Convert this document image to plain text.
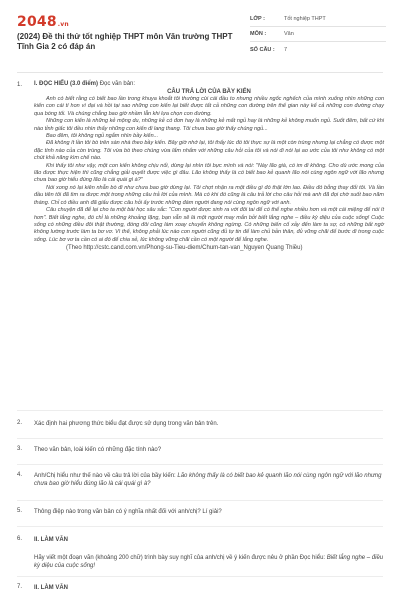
2048.vn
(2024) Đề thi thử tốt nghiệp THPT môn Văn trường THPT Tĩnh Gia 2 có đáp án
LỚP :	Tốt nghiệp THPT
MÔN :	Văn
SỐ CÂU :	7
1. I. ĐỌC HIỂU (3.0 điểm) Đọc văn bản:
CÂU TRẢ LỜI CỦA BẦY KIẾN
Anh có biết rằng có biết bao lần trong khuya khoắt tôi thường cùi cái đầu to nhưng nhiều ngốc nghếch của mình xuống nhìn những con kiến con cái tí hon vì đại và hồi tại sao những con kiến lại biết được tất cả những con đường trên thế gian này kể cả những con đường chạy qua bóng tối. Và chúng chẳng bao giờ nhầm lẫn khi lựa chọn con đường.
Những con kiến là những kẻ mộng du, những kẻ có đơn hay là những kẻ mất ngủ hay là những kẻ không muốn ngủ. Suốt đêm, bất cứ khi nào tỉnh giấc tôi đều nhìn thấy những con kiến đi lang thang. Tôi chưa bao giờ thấy chúng ngủ...
Bao đêm, tôi không ngủ ngắm nhìn bầy kiến...
Đã không ít lần tôi bò trên sàn nhà theo bầy kiến. Bây giờ nhớ lại, tôi thấy lúc đó tôi thực sự là một còn trùng nhưng lại chẳng có được một đặc tính nào của còn trùng. Tôi vừa bò theo chúng vừa lẩm nhẩm với những câu hỏi của tôi và nói đi nói lại ao ước của tôi như không có một chút khả năng kìm chế nào.
Khi thấy tôi như vậy, một con kiến không chịu nổi, dừng lại nhìn tôi bực mình và nói: "Này lão già, có im đi không. Cho dù ước mong của lão được thực hiện thì cũng chẳng giải quyết được việc gì đâu. Lão không thấy là có biết bao kẻ quanh lão nói cùng ngôn ngữ với lão nhưng chưa bao giờ hiểu đúng lão là cái quái gì à?"
Nói xong nó lại kiên nhẫn bò đi như chưa bao giờ dừng lại. Tôi chợt nhận ra một điều gì đó thật lớn lao. Điều đó bỗng thay đổi tôi. Và lần đầu tiên tôi đã tìm ra được một trong những câu trả lời của mình. Mà có khi đó cũng là câu trả lời cho câu hỏi mà anh đã đọi chờ suốt bao năm tháng. Chỉ có điều anh đã giấu được câu hỏi ấy trước những đám người đang nói cùng ngôn ngữ với anh.
Câu chuyện đã để lại cho ta một bài học sâu sắc: "Con người được sinh ra với đôi tai để có thể nghe nhiều hơn và một cái miệng để nói ít hơn". Biết lắng nghe, đó chỉ là những khoảng lặng, bạn vẫn sẽ là một người may mắn bởi biết lắng nghe – điều kỳ diệu của cuộc sống! Cuộc sống có những điều đôi thật thường, đóng đôi cũng làm xoay chuyển không ngừng. Có những biến cố xảy đến làm ta sợ, có những bất ngờ không lường trước làm ta bơ vơ. Vì thế, không phải lúc nào con người cũng đủ tự tin để làm chủ bản thân, đủ vững chãi để bước đi trong cuộc sống. Lúc bơ vơ ta cần có ai đó để chia sẻ, lúc không vững chãi cần có một người để lắng nghe.
(Theo http://cstc.cand.com.vn/Phong-su-Tieu-diem/Chum-tan-van_Nguyen Quang Thiều)
2. Xác định hai phương thức biểu đạt được sử dụng trong văn bản trên.
3. Theo văn bản, loài kiến có những đặc tính nào?
4. Anh/Chị hiểu như thế nào về câu trả lời của bầy kiến: Lão không thấy là có biết bao kẻ quanh lão nói cùng ngôn ngữ với lão nhưng chưa bao giờ hiểu đúng lão là cái quái gì à?
5. Thông điệp nào trong văn bản có ý nghĩa nhất đối với anh/chị? Lí giải?
6. II. LÀM VĂN
Hãy viết một đoạn văn (khoảng 200 chữ) trình bày suy nghĩ của anh/chị về ý kiến được nêu ở phần Đọc hiểu: Biết lắng nghe – điều kỳ diệu của cuộc sống!
7. II. LÀM VĂN
